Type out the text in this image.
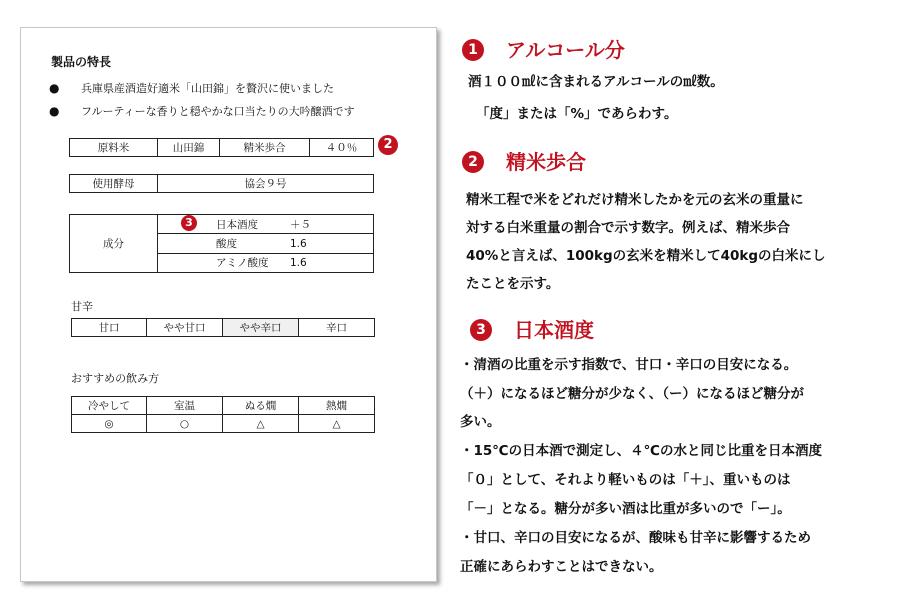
製品の特長
● 兵庫県産酒造好適米「山田錦」を贅沢に使いました
● フルーティーな香りと穏やかな口当たりの大吟醸酒です
原料米	山田錦	精米歩合	４０％	2
使用酵母	協会９号
成分	日本酒度	＋５
酸度	1.6
アミノ酸度 1.6
3
甘辛
甘口	やや甘口	やや辛口	辛口
おすすめの飲み方
冷やして	室温	ぬる燗	熱燗
◎	○	△	△
1 アルコール分
酒１００㎖に含まれるアルコールの㎖数。
「度」または「%」であらわす。
2 精米歩合
精米工程で米をどれだけ精米したかを元の玄米の重量に
対する白米重量の割合で示す数字。例えば、精米歩合
40%と言えば、100kgの玄米を精米して40kgの白米にし
たことを示す。
3 日本酒度
・清酒の比重を示す指数で、甘口・辛口の目安になる。
（＋）になるほど糖分が少なく、（ー）になるほど糖分が
多い。
・15℃の日本酒で測定し、４℃の水と同じ比重を日本酒度
「０」として、それより軽いものは「＋」、重いものは
「－」となる。糖分が多い酒は比重が多いので「ー」。
・甘口、辛口の目安になるが、酸味も甘辛に影響するため
正確にあらわすことはできない。
